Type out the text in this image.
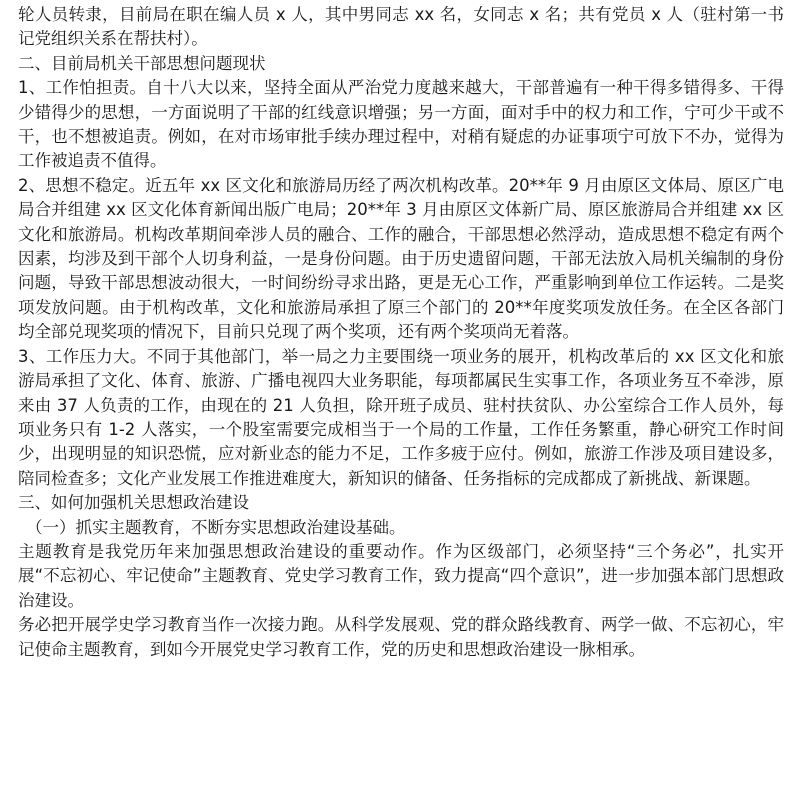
轮人员转隶，目前局在职在编人员 x 人，其中男同志 xx 名，女同志 x 名；共有党员 x 人（驻村第一书记党组织关系在帮扶村）。

二、目前局机关干部思想问题现状

1、工作怕担责。自十八大以来，坚持全面从严治党力度越来越大，干部普遍有一种干得多错得多、干得少错得少的思想，一方面说明了干部的红线意识增强；另一方面，面对手中的权力和工作，宁可少干或不干，也不想被追责。例如，在对市场审批手续办理过程中，对稍有疑虑的办证事项宁可放下不办，觉得为工作被追责不值得。

2、思想不稳定。近五年 xx 区文化和旅游局历经了两次机构改革。20**年 9 月由原区文体局、原区广电局合并组建 xx 区文化体育新闻出版广电局；20**年 3 月由原区文体新广局、原区旅游局合并组建 xx 区文化和旅游局。机构改革期间牵涉人员的融合、工作的融合，干部思想必然浮动，造成思想不稳定有两个因素，均涉及到干部个人切身利益，一是身份问题。由于历史遗留问题，干部无法放入局机关编制的身份问题，导致干部思想波动很大，一时间纷纷寻求出路，更是无心工作，严重影响到单位工作运转。二是奖项发放问题。由于机构改革，文化和旅游局承担了原三个部门的 20**年度奖项发放任务。在全区各部门均全部兑现奖项的情况下，目前只兑现了两个奖项，还有两个奖项尚无着落。

3、工作压力大。不同于其他部门，举一局之力主要围绕一项业务的展开，机构改革后的 xx 区文化和旅游局承担了文化、体育、旅游、广播电视四大业务职能，每项都属民生实事工作，各项业务互不牵涉，原来由 37 人负责的工作，由现在的 21 人负担，除开班子成员、驻村扶贫队、办公室综合工作人员外，每项业务只有 1-2 人落实，一个股室需要完成相当于一个局的工作量，工作任务繁重，静心研究工作时间少，出现明显的知识恐慌，应对新业态的能力不足，工作多疲于应付。例如，旅游工作涉及项目建设多，陪同检查多；文化产业发展工作推进难度大，新知识的储备、任务指标的完成都成了新挑战、新课题。

三、如何加强机关思想政治建设

（一）抓实主题教育，不断夯实思想政治建设基础。

主题教育是我党历年来加强思想政治建设的重要动作。作为区级部门，必须坚持“三个务必”，扎实开展“不忘初心、牢记使命”主题教育、党史学习教育工作，致力提高“四个意识”，进一步加强本部门思想政治建设。

务必把开展学史学习教育当作一次接力跑。从科学发展观、党的群众路线教育、两学一做、不忘初心，牢记使命主题教育，到如今开展党史学习教育工作，党的历史和思想政治建设一脉相承。
